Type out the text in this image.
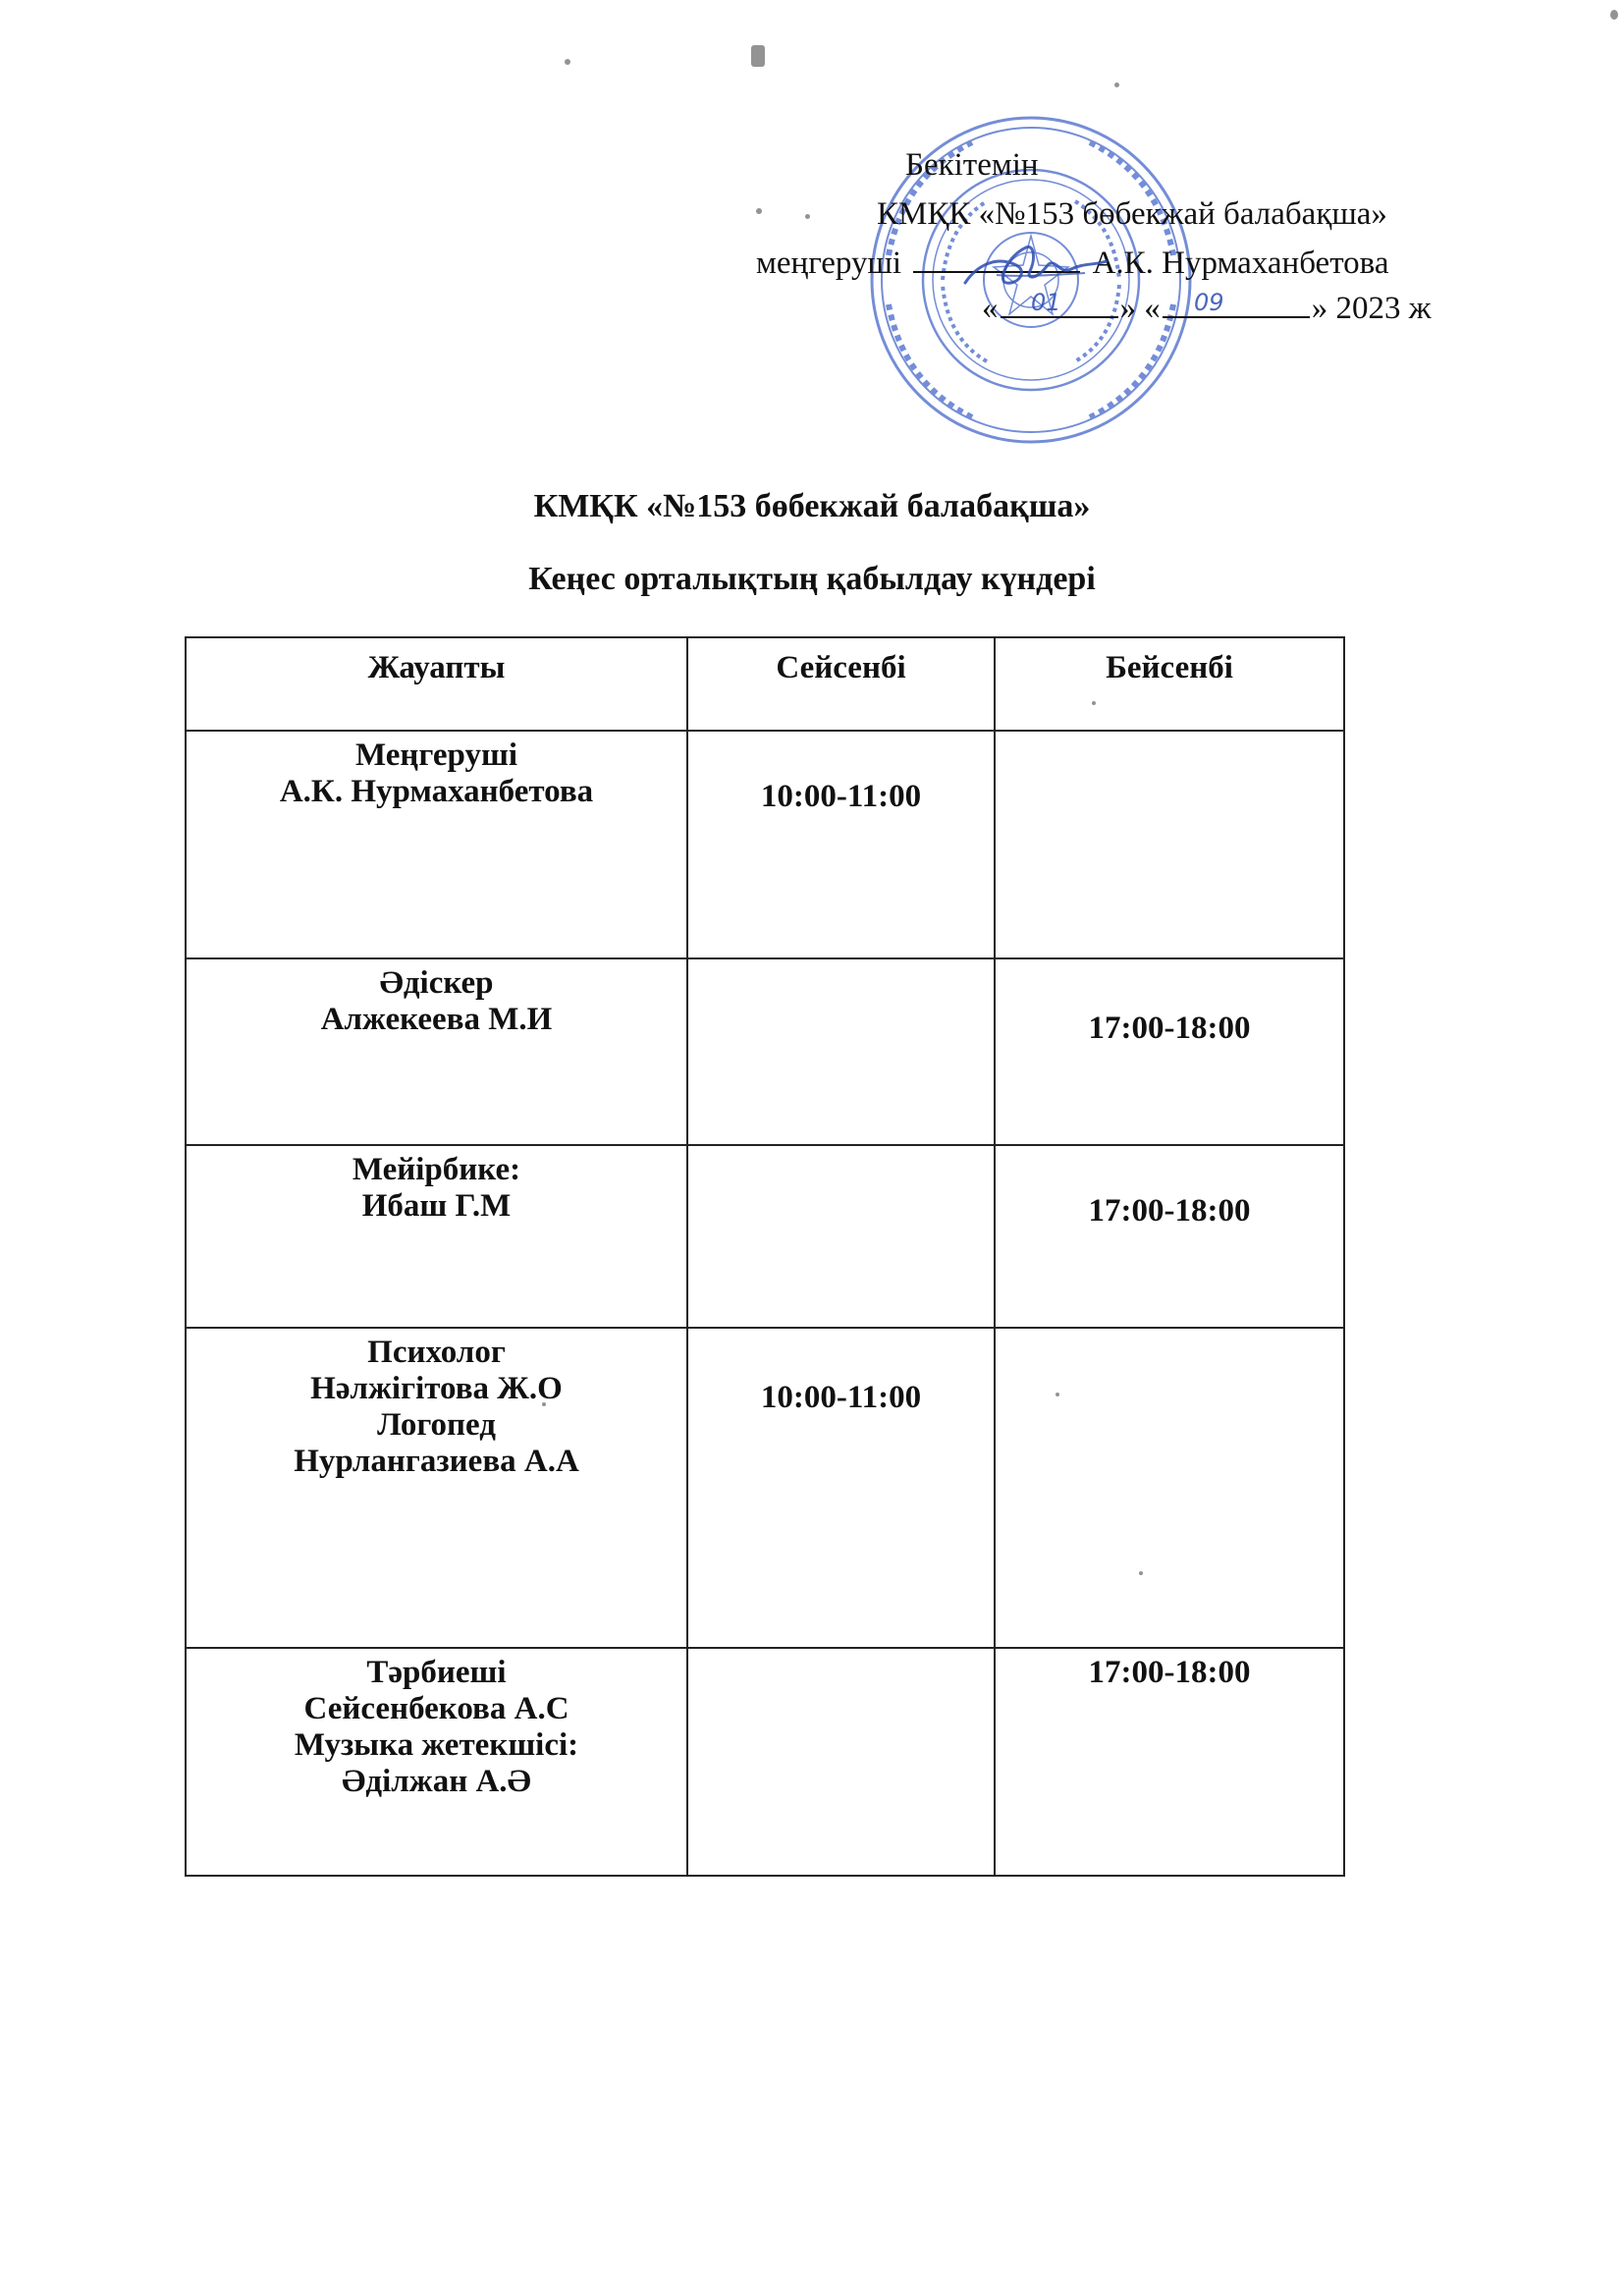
Бекітемін
КМҚК «№153 бөбекжай балабақша»
меңгеруші	А.К. Нурмаханбетова
«	» «	» 2023 ж
01	09
КМҚК «№153 бөбекжай балабақша»
Кеңес орталықтың қабылдау күндері
Жауапты	Сейсенбі	Бейсенбі

Меңгеруші
А.К. Нурмаханбетова	10:00-11:00	

Әдіскер
Алжекеева М.И		17:00-18:00

Мейірбике:
Ибаш Г.М		17:00-18:00

Психолог
Нәлжігітова Ж.О
Логопед
Нурлангазиева А.А	10:00-11:00	

Тәрбиеші
Сейсенбекова А.С
Музыка жетекшісі:
Әділжан А.Ә		17:00-18:00
